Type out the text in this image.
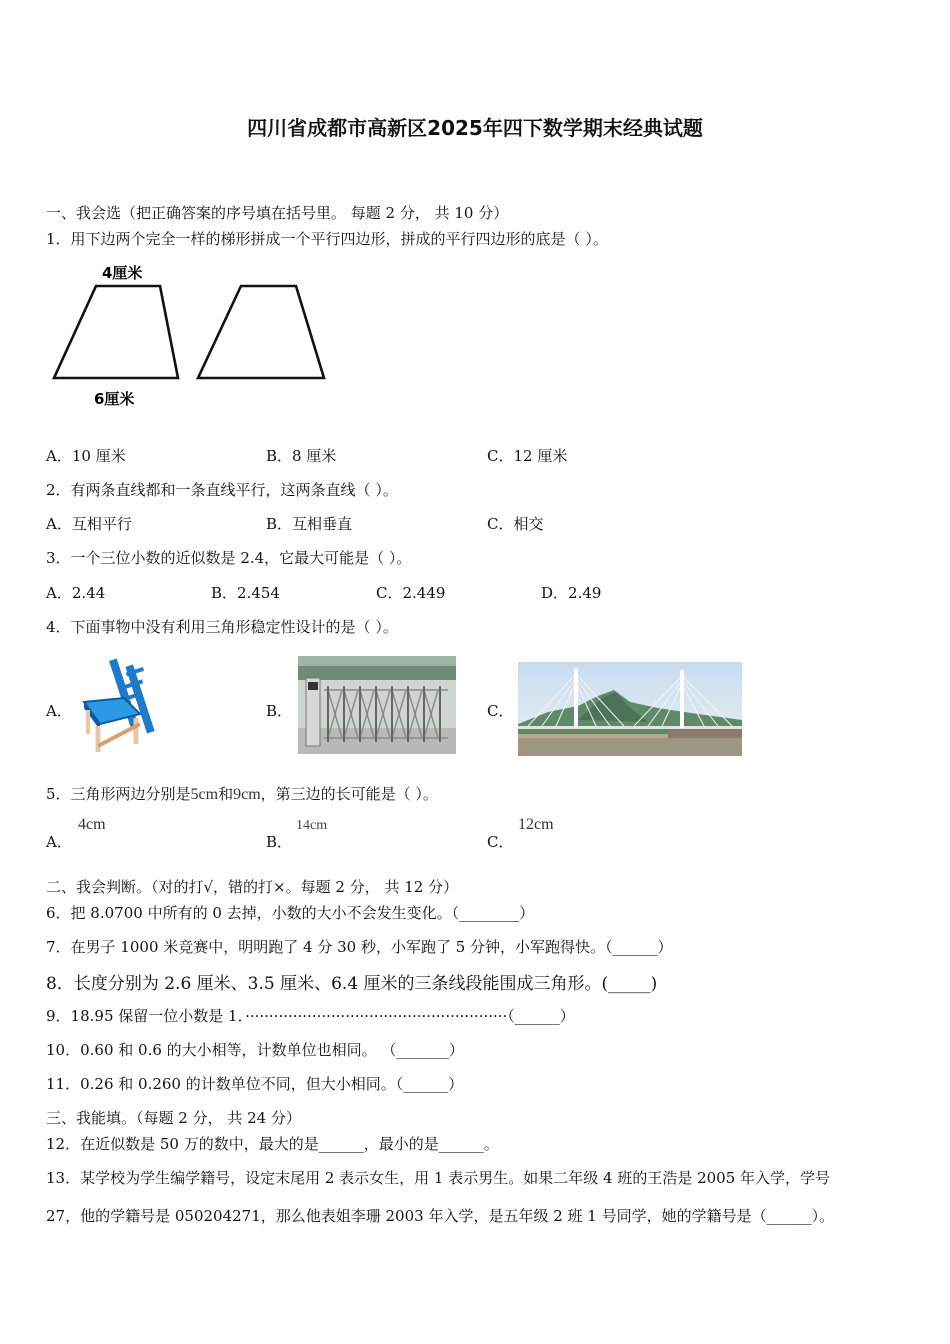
四川省成都市高新区2025年四下数学期末经典试题
一、我会选（把正确答案的序号填在括号里。 每题 2 分， 共 10 分）
1．用下边两个完全一样的梯形拼成一个平行四边形，拼成的平行四边形的底是（ ）。
4厘米
6厘米
A．10 厘米	B．8 厘米	C．12 厘米
2．有两条直线都和一条直线平行，这两条直线（ ）。
A．互相平行	B．互相垂直	C．相交
3．一个三位小数的近似数是 2.4，它最大可能是（ ）。
A．2.44	B．2.454	C．2.449	D．2.49
4．下面事物中没有利用三角形稳定性设计的是（ ）。
A．	B．	C．
5．三角形两边分别是5cm和9cm，第三边的长可能是（ ）。
A．
4cm
B．
14cm
C．
12cm
二、我会判断。（对的打√，错的打×。每题 2 分， 共 12 分）
6．把 8.0700 中所有的 0 去掉，小数的大小不会发生变化。（________）
7．在男子 1000 米竞赛中，明明跑了 4 分 30 秒，小军跑了 5 分钟，小军跑得快。（______）
8．长度分别为 2.6 厘米、3.5 厘米、6.4 厘米的三条线段能围成三角形。(_____)
9．18.95 保留一位小数是 1．·······················································（______）
10．0.60 和 0.6 的大小相等，计数单位也相同。 （_______）
11．0.26 和 0.260 的计数单位不同，但大小相同。（______）
三、我能填。（每题 2 分， 共 24 分）
12．在近似数是 50 万的数中，最大的是______，最小的是______。
13．某学校为学生编学籍号，设定末尾用 2 表示女生，用 1 表示男生。如果二年级 4 班的王浩是 2005 年入学，学号
27，他的学籍号是 050204271，那么他表姐李珊 2003 年入学，是五年级 2 班 1 号同学，她的学籍号是（______）。
